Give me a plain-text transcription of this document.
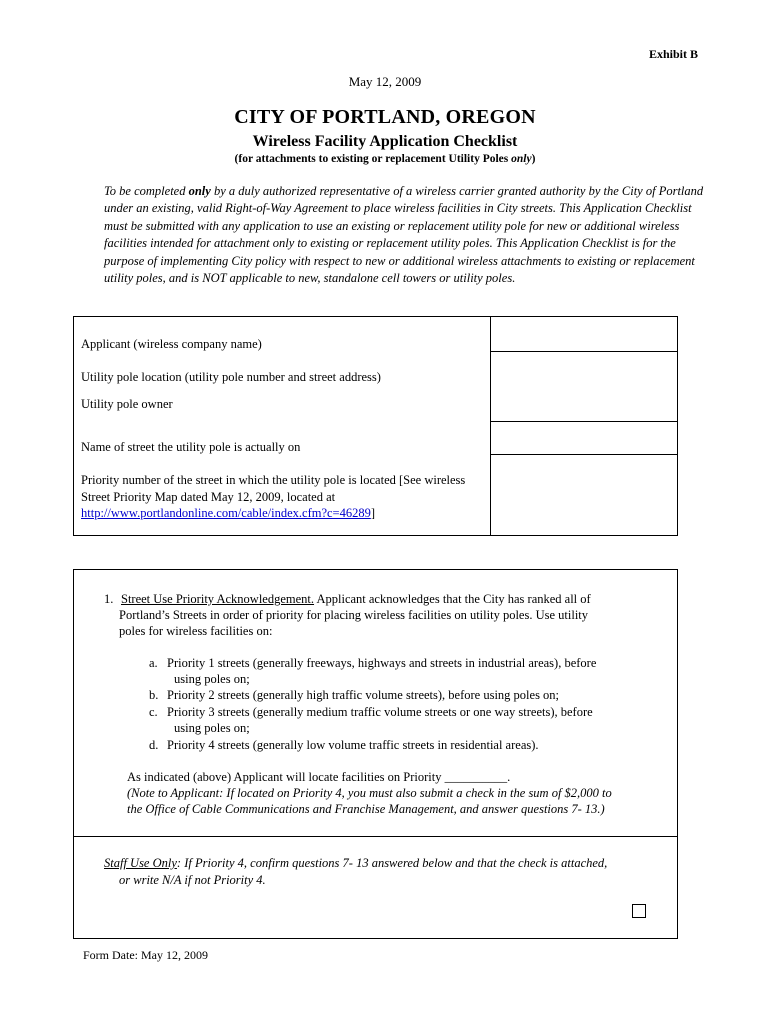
Exhibit B
May 12, 2009
CITY OF PORTLAND, OREGON
Wireless Facility Application Checklist
(for attachments to existing or replacement Utility Poles only)
To be completed only by a duly authorized representative of a wireless carrier granted authority by the City of Portland under an existing, valid Right-of-Way Agreement to place wireless facilities in City streets. This Application Checklist must be submitted with any application to use an existing or replacement utility pole for new or additional wireless facilities intended for attachment only to existing or replacement utility poles. This Application Checklist is for the purpose of implementing City policy with respect to new or additional wireless attachments to existing or replacement utility poles, and is NOT applicable to new, standalone cell towers or utility poles.
Applicant (wireless company name)
Utility pole location (utility pole number and street address)
Utility pole owner
Name of street the utility pole is actually on
Priority number of the street in which the utility pole is located [See wireless Street Priority Map dated May 12, 2009, located at http://www.portlandonline.com/cable/index.cfm?c=46289]
1. Street Use Priority Acknowledgement. Applicant acknowledges that the City has ranked all of
Portland’s Streets in order of priority for placing wireless facilities on utility poles. Use utility
poles for wireless facilities on:
a. Priority 1 streets (generally freeways, highways and streets in industrial areas), before
using poles on;
b. Priority 2 streets (generally high traffic volume streets), before using poles on;
c. Priority 3 streets (generally medium traffic volume streets or one way streets), before
using poles on;
d. Priority 4 streets (generally low volume traffic streets in residential areas).
As indicated (above) Applicant will locate facilities on Priority __________.
(Note to Applicant: If located on Priority 4, you must also submit a check in the sum of $2,000 to
the Office of Cable Communications and Franchise Management, and answer questions 7- 13.)
Staff Use Only: If Priority 4, confirm questions 7- 13 answered below and that the check is attached,
or write N/A if not Priority 4.
Form Date: May 12, 2009
